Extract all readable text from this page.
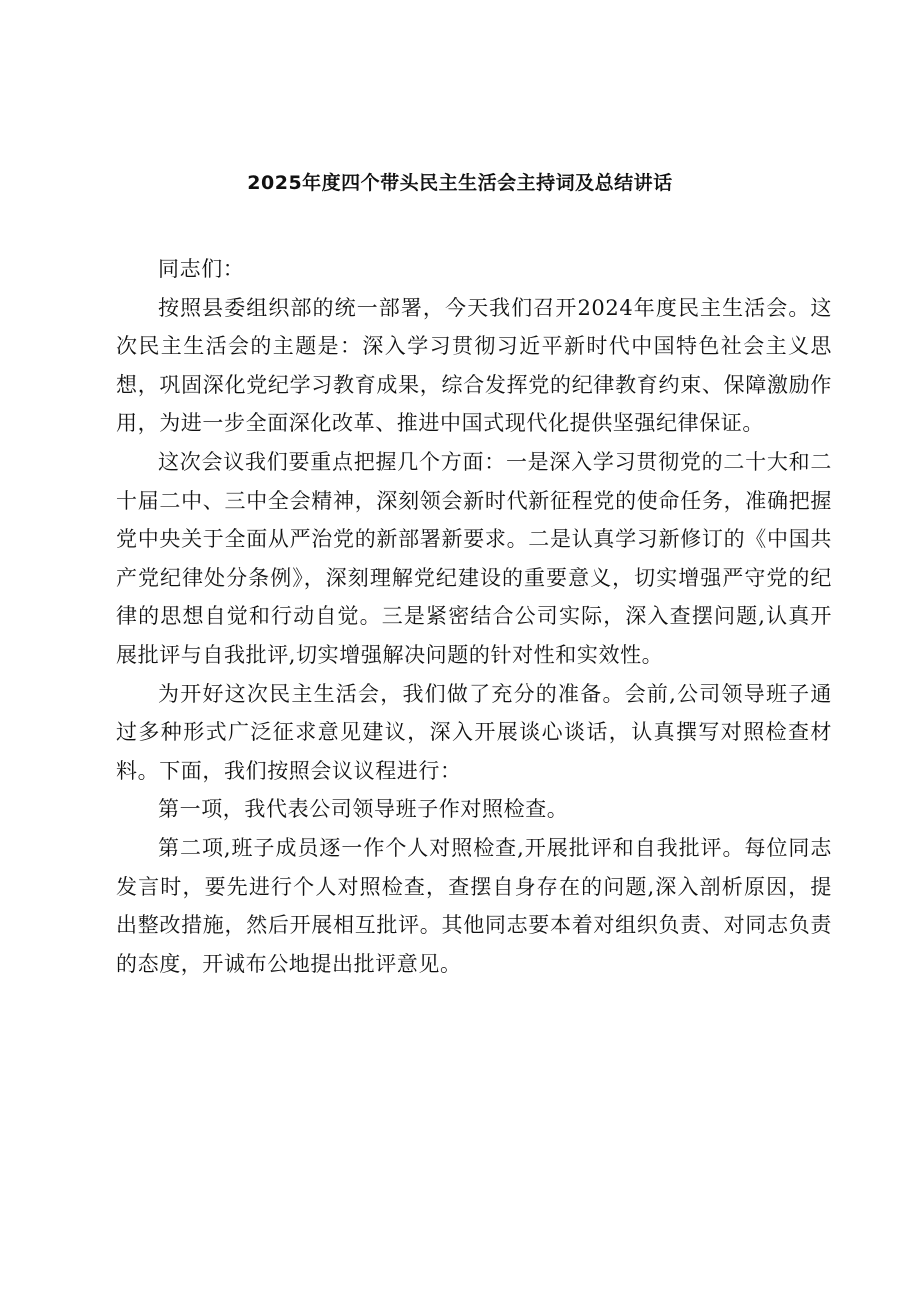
2025年度四个带头民主生活会主持词及总结讲话

同志们：

按照县委组织部的统一部署，今天我们召开2024年度民主生活会。这次民主生活会的主题是：深入学习贯彻习近平新时代中国特色社会主义思想，巩固深化党纪学习教育成果，综合发挥党的纪律教育约束、保障激励作用，为进一步全面深化改革、推进中国式现代化提供坚强纪律保证。

这次会议我们要重点把握几个方面：一是深入学习贯彻党的二十大和二十届二中、三中全会精神，深刻领会新时代新征程党的使命任务，准确把握党中央关于全面从严治党的新部署新要求。二是认真学习新修订的《中国共产党纪律处分条例》，深刻理解党纪建设的重要意义，切实增强严守党的纪律的思想自觉和行动自觉。三是紧密结合公司实际，深入查摆问题,认真开展批评与自我批评,切实增强解决问题的针对性和实效性。

为开好这次民主生活会，我们做了充分的准备。会前,公司领导班子通过多种形式广泛征求意见建议，深入开展谈心谈话，认真撰写对照检查材料。下面，我们按照会议议程进行：

第一项，我代表公司领导班子作对照检查。

第二项,班子成员逐一作个人对照检查,开展批评和自我批评。每位同志发言时，要先进行个人对照检查，查摆自身存在的问题,深入剖析原因，提出整改措施，然后开展相互批评。其他同志要本着对组织负责、对同志负责的态度，开诚布公地提出批评意见。
